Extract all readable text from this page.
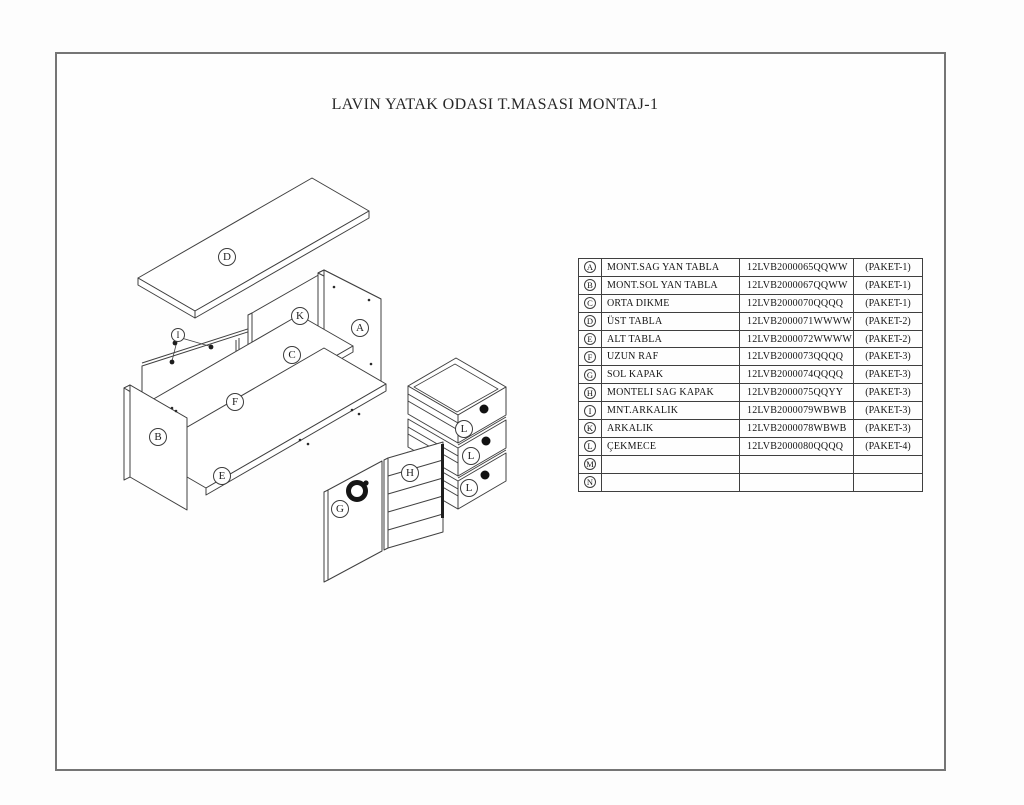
LAVIN YATAK ODASI T.MASASI MONTAJ-1
D
I
K
A
C
F
B
E
G
H
L
L
L
A	MONT.SAG YAN TABLA	12LVB2000065QQWW	(PAKET-1)
B	MONT.SOL YAN TABLA	12LVB2000067QQWW	(PAKET-1)
C	ORTA DIKME	12LVB2000070QQQQ	(PAKET-1)
D	ÜST TABLA	12LVB2000071WWWW	(PAKET-2)
E	ALT TABLA	12LVB2000072WWWW	(PAKET-2)
F	UZUN RAF	12LVB2000073QQQQ	(PAKET-3)
G	SOL KAPAK	12LVB2000074QQQQ	(PAKET-3)
H	MONTELI SAG KAPAK	12LVB2000075QQYY	(PAKET-3)
I	MNT.ARKALIK	12LVB2000079WBWB	(PAKET-3)
K	ARKALIK	12LVB2000078WBWB	(PAKET-3)
L	ÇEKMECE	12LVB2000080QQQQ	(PAKET-4)
M			
N			
